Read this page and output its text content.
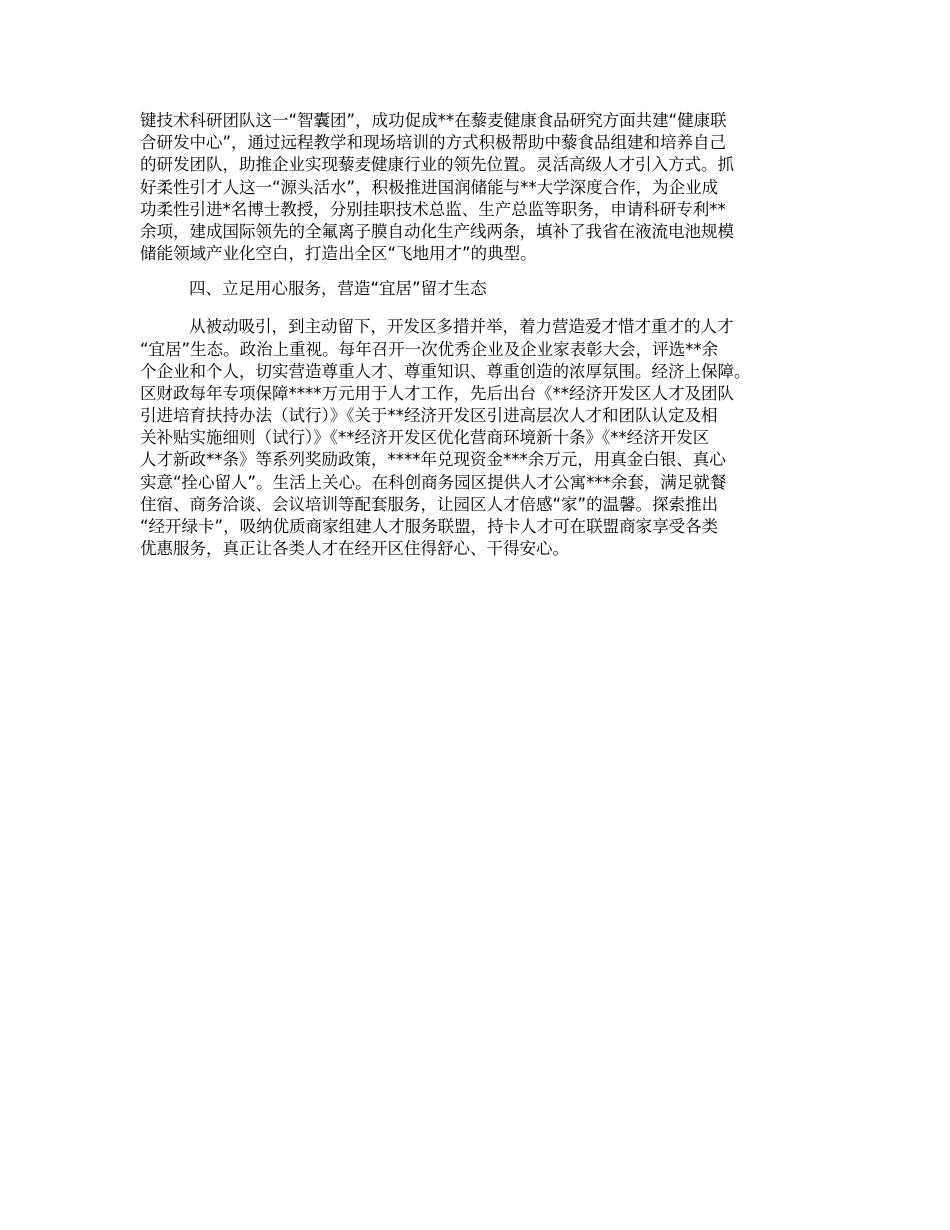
键技术科研团队这一“智囊团”，成功促成**在藜麦健康食品研究方面共建“健康联
合研发中心”，通过远程教学和现场培训的方式积极帮助中藜食品组建和培养自己
的研发团队，助推企业实现藜麦健康行业的领先位置。灵活高级人才引入方式。抓
好柔性引才人这一“源头活水”，积极推进国润储能与**大学深度合作，为企业成
功柔性引进*名博士教授，分别挂职技术总监、生产总监等职务，申请科研专利**
余项，建成国际领先的全氟离子膜自动化生产线两条，填补了我省在液流电池规模
储能领域产业化空白，打造出全区“飞地用才”的典型。
四、立足用心服务，营造“宜居”留才生态
从被动吸引，到主动留下，开发区多措并举，着力营造爱才惜才重才的人才
“宜居”生态。政治上重视。每年召开一次优秀企业及企业家表彰大会，评选**余
个企业和个人，切实营造尊重人才、尊重知识、尊重创造的浓厚氛围。经济上保障。
区财政每年专项保障****万元用于人才工作，先后出台《**经济开发区人才及团队
引进培育扶持办法（试行）》《关于**经济开发区引进高层次人才和团队认定及相
关补贴实施细则（试行）》《**经济开发区优化营商环境新十条》《**经济开发区
人才新政**条》等系列奖励政策，****年兑现资金***余万元，用真金白银、真心
实意“拴心留人”。生活上关心。在科创商务园区提供人才公寓***余套，满足就餐
住宿、商务洽谈、会议培训等配套服务，让园区人才倍感“家”的温馨。探索推出
“经开绿卡”，吸纳优质商家组建人才服务联盟，持卡人才可在联盟商家享受各类
优惠服务，真正让各类人才在经开区住得舒心、干得安心。
